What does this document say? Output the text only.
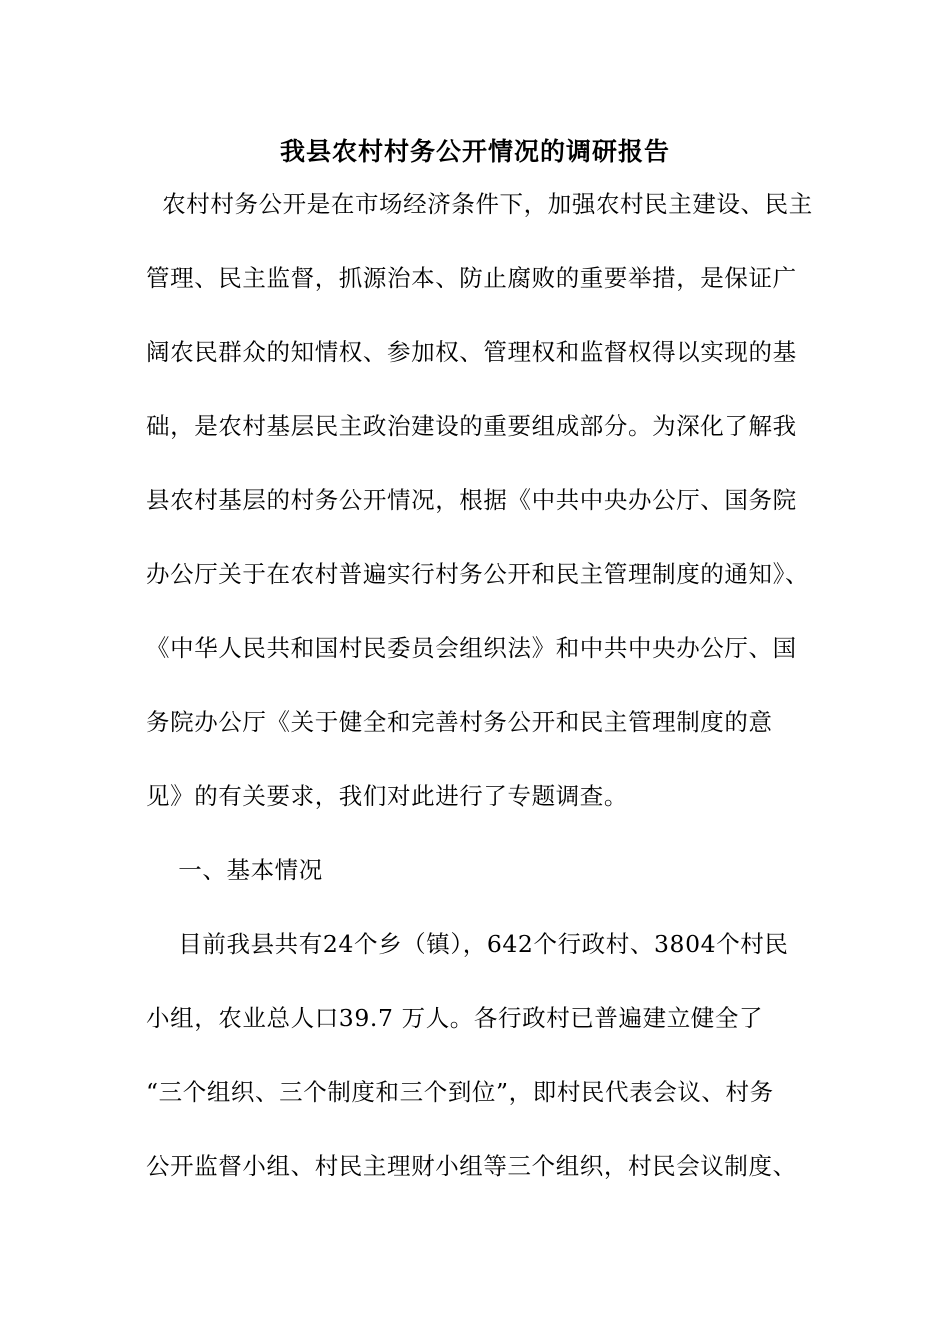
我县农村村务公开情况的调研报告
农村村务公开是在市场经济条件下，加强农村民主建设、民主
管理、民主监督，抓源治本、防止腐败的重要举措，是保证广
阔农民群众的知情权、参加权、管理权和监督权得以实现的基
础，是农村基层民主政治建设的重要组成部分。为深化了解我
县农村基层的村务公开情况，根据《中共中央办公厅、国务院
办公厅关于在农村普遍实行村务公开和民主管理制度的通知》、
《中华人民共和国村民委员会组织法》和中共中央办公厅、国
务院办公厅《关于健全和完善村务公开和民主管理制度的意
见》的有关要求，我们对此进行了专题调查。
一、基本情况
目前我县共有24个乡（镇），642个行政村、3804个村民
小组，农业总人口39.7 万人。各行政村已普遍建立健全了
“三个组织、三个制度和三个到位”，即村民代表会议、村务
公开监督小组、村民主理财小组等三个组织，村民会议制度、
